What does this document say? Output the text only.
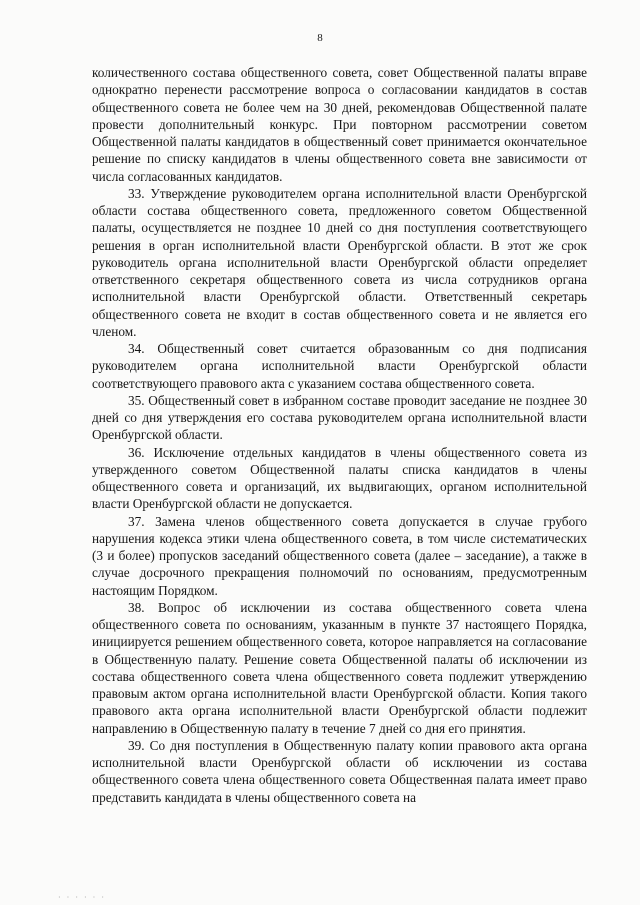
8

количественного состава общественного совета, совет Общественной палаты вправе однократно перенести рассмотрение вопроса о согласовании кандидатов в состав общественного совета не более чем на 30 дней, рекомендовав Общественной палате провести дополнительный конкурс. При повторном рассмотрении советом Общественной палаты кандидатов в общественный совет принимается окончательное решение по списку кандидатов в члены общественного совета вне зависимости от числа согласованных кандидатов.

33. Утверждение руководителем органа исполнительной власти Оренбургской области состава общественного совета, предложенного советом Общественной палаты, осуществляется не позднее 10 дней со дня поступления соответствующего решения в орган исполнительной власти Оренбургской области. В этот же срок руководитель органа исполнительной власти Оренбургской области определяет ответственного секретаря общественного совета из числа сотрудников органа исполнительной власти Оренбургской области. Ответственный секретарь общественного совета не входит в состав общественного совета и не является его членом.

34. Общественный совет считается образованным со дня подписания руководителем органа исполнительной власти Оренбургской области соответствующего правового акта с указанием состава общественного совета.

35. Общественный совет в избранном составе проводит заседание не позднее 30 дней со дня утверждения его состава руководителем органа исполнительной власти Оренбургской области.

36. Исключение отдельных кандидатов в члены общественного совета из утвержденного советом Общественной палаты списка кандидатов в члены общественного совета и организаций, их выдвигающих, органом исполнительной власти Оренбургской области не допускается.

37. Замена членов общественного совета допускается в случае грубого нарушения кодекса этики члена общественного совета, в том числе систематических (3 и более) пропусков заседаний общественного совета (далее – заседание), а также в случае досрочного прекращения полномочий по основаниям, предусмотренным настоящим Порядком.

38. Вопрос об исключении из состава общественного совета члена общественного совета по основаниям, указанным в пункте 37 настоящего Порядка, инициируется решением общественного совета, которое направляется на согласование в Общественную палату. Решение совета Общественной палаты об исключении из состава общественного совета члена общественного совета подлежит утверждению правовым актом органа исполнительной власти Оренбургской области. Копия такого правового акта органа исполнительной власти Оренбургской области подлежит направлению в Общественную палату в течение 7 дней со дня его принятия.

39. Со дня поступления в Общественную палату копии правового акта органа исполнительной власти Оренбургской области об исключении из состава общественного совета члена общественного совета Общественная палата имеет право представить кандидата в члены общественного совета на

· · · · · ·
